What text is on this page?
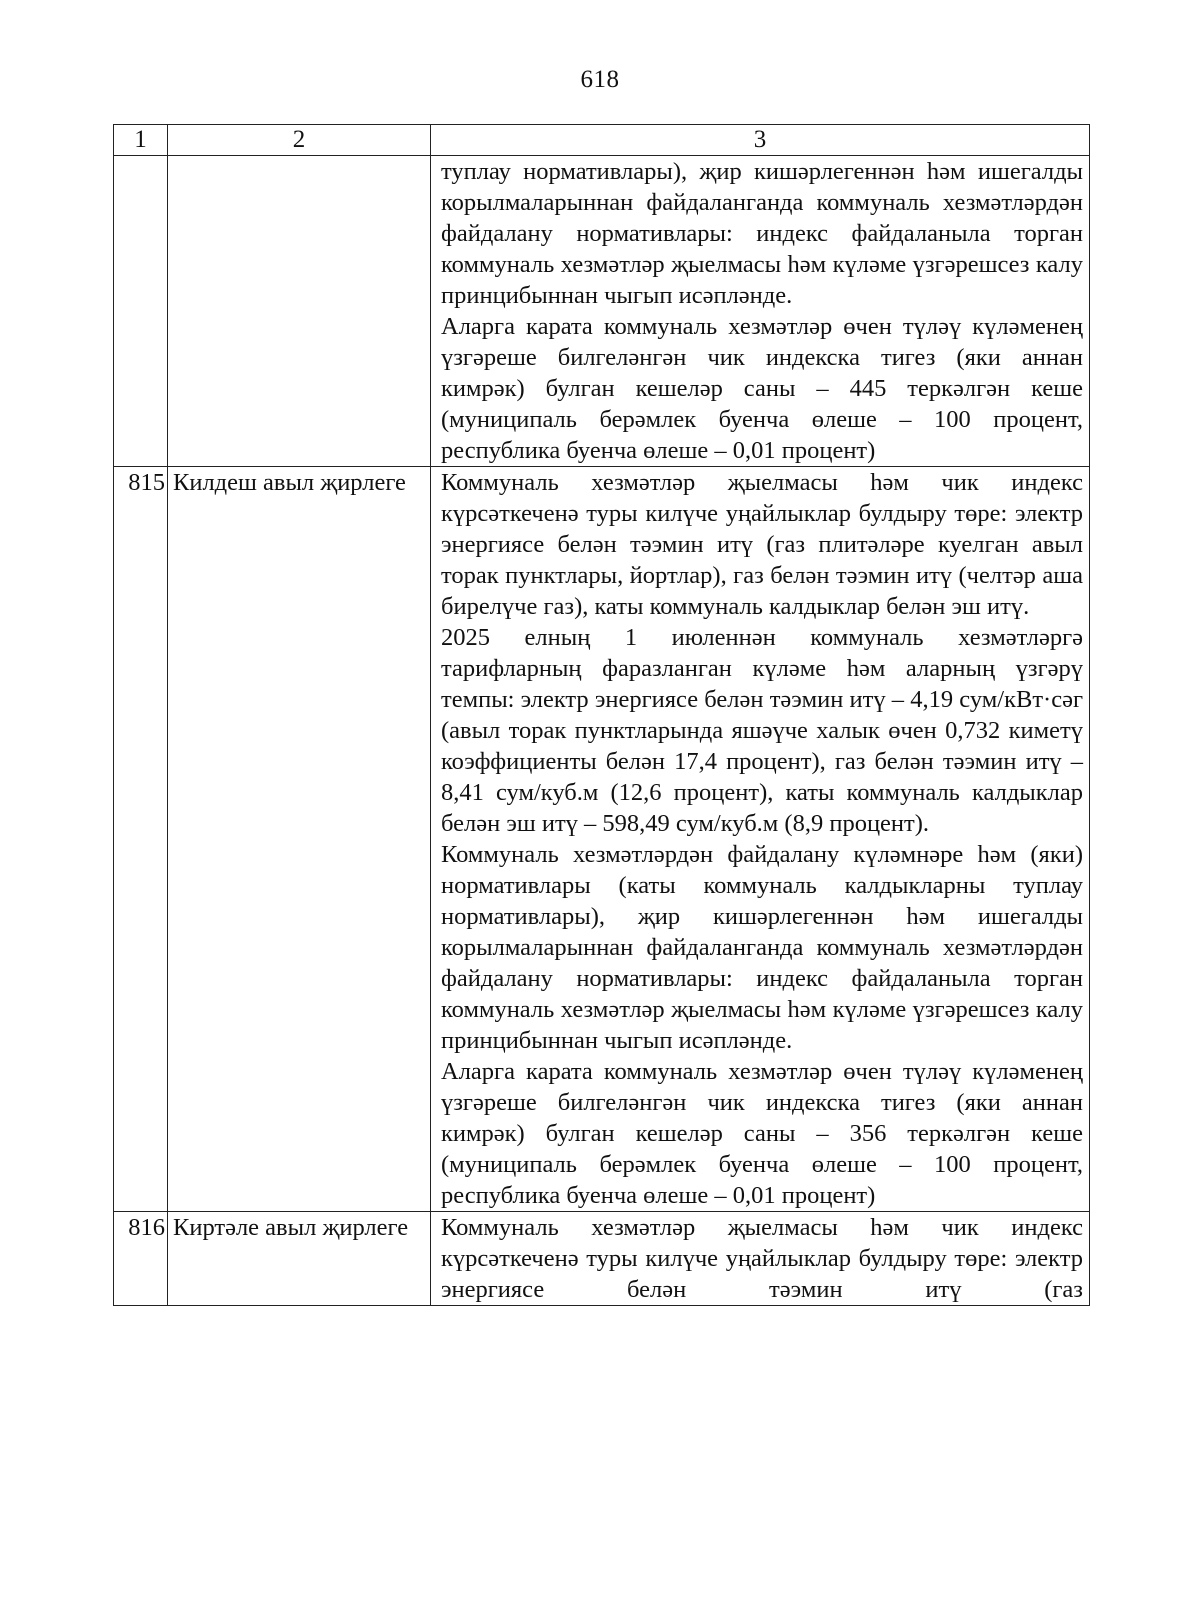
618
1	2	3

		туплау нормативлары), җир кишәрлегеннән һәм ишегалды корылмаларыннан файдаланганда коммуналь хезмәтләрдән файдалану нормативлары: индекс файдаланыла торган коммуналь хезмәтләр җыелмасы һәм күләме үзгәрешсез калу принцибыннан чыгып исәпләнде.

Аларга карата коммуналь хезмәтләр өчен түләү күләменең үзгәреше билгеләнгән чик индекска тигез (яки аннан кимрәк) булган кешеләр саны – 445 теркәлгән кеше (муниципаль берәмлек буенча өлеше – 100 процент, республика буенча өлеше – 0,01 процент)

815	Килдеш авыл җирлеге	Коммуналь хезмәтләр җыелмасы һәм чик индекс күрсәткеченә туры килүче уңайлыклар булдыру төре: электр энергиясе белән тәэмин итү (газ плитәләре куелган авыл торак пунктлары, йортлар), газ белән тәэмин итү (челтәр аша бирелүче газ), каты коммуналь калдыклар белән эш итү.

2025 елның 1 июленнән коммуналь хезмәтләргә тарифларның фаразланган күләме һәм аларның үзгәрү темпы: электр энергиясе белән тәэмин итү – 4,19 сум/кВт·сәг (авыл торак пунктларында яшәүче халык өчен 0,732 киметү коэффициенты белән 17,4 процент), газ белән тәэмин итү – 8,41 сум/куб.м (12,6 процент), каты коммуналь калдыклар белән эш итү – 598,49 сум/куб.м (8,9 процент).

Коммуналь хезмәтләрдән файдалану күләмнәре һәм (яки) нормативлары (каты коммуналь калдыкларны туплау нормативлары), җир кишәрлегеннән һәм ишегалды корылмаларыннан файдаланганда коммуналь хезмәтләрдән файдалану нормативлары: индекс файдаланыла торган коммуналь хезмәтләр җыелмасы һәм күләме үзгәрешсез калу принцибыннан чыгып исәпләнде.

Аларга карата коммуналь хезмәтләр өчен түләү күләменең үзгәреше билгеләнгән чик индекска тигез (яки аннан кимрәк) булган кешеләр саны – 356 теркәлгән кеше (муниципаль берәмлек буенча өлеше – 100 процент, республика буенча өлеше – 0,01 процент)

816	Киртәле авыл җирлеге	Коммуналь хезмәтләр җыелмасы һәм чик индекс күрсәткеченә туры килүче уңайлыклар булдыру төре: электр энергиясе белән тәэмин итү (газ
